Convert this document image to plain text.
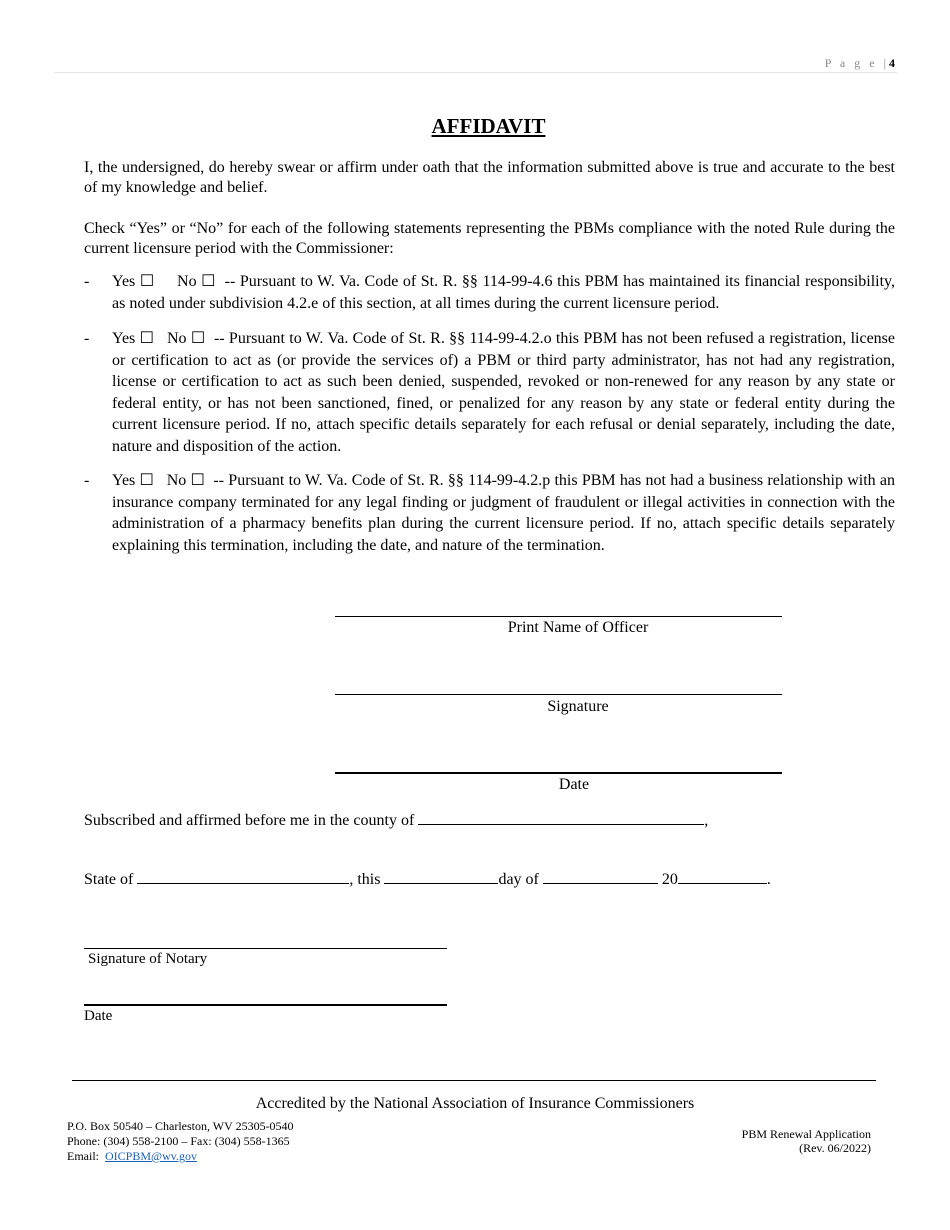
P a g e |4
AFFIDAVIT
I, the undersigned, do hereby swear or affirm under oath that the information submitted above is true and accurate to the best of my knowledge and belief.
Check “Yes” or “No” for each of the following statements representing the PBMs compliance with the noted Rule during the current licensure period with the Commissioner:
- Yes ☐ No ☐ -- Pursuant to W. Va. Code of St. R. §§ 114-99-4.6 this PBM has maintained its financial responsibility, as noted under subdivision 4.2.e of this section, at all times during the current licensure period.
- Yes ☐ No ☐ -- Pursuant to W. Va. Code of St. R. §§ 114-99-4.2.o this PBM has not been refused a registration, license or certification to act as (or provide the services of) a PBM or third party administrator, has not had any registration, license or certification to act as such been denied, suspended, revoked or non-renewed for any reason by any state or federal entity, or has not been sanctioned, fined, or penalized for any reason by any state or federal entity during the current licensure period. If no, attach specific details separately for each refusal or denial separately, including the date, nature and disposition of the action.
- Yes ☐ No ☐ -- Pursuant to W. Va. Code of St. R. §§ 114-99-4.2.p this PBM has not had a business relationship with an insurance company terminated for any legal finding or judgment of fraudulent or illegal activities in connection with the administration of a pharmacy benefits plan during the current licensure period. If no, attach specific details separately explaining this termination, including the date, and nature of the termination.
Print Name of Officer
Signature
Date
Subscribed and affirmed before me in the county of	,
State of	, this	day of	20	.
Signature of Notary
Date
Accredited by the National Association of Insurance Commissioners
P.O. Box 50540 – Charleston, WV 25305-0540
Phone: (304) 558-2100 – Fax: (304) 558-1365
Email: OICPBM@wv.gov
PBM Renewal Application
(Rev. 06/2022)
